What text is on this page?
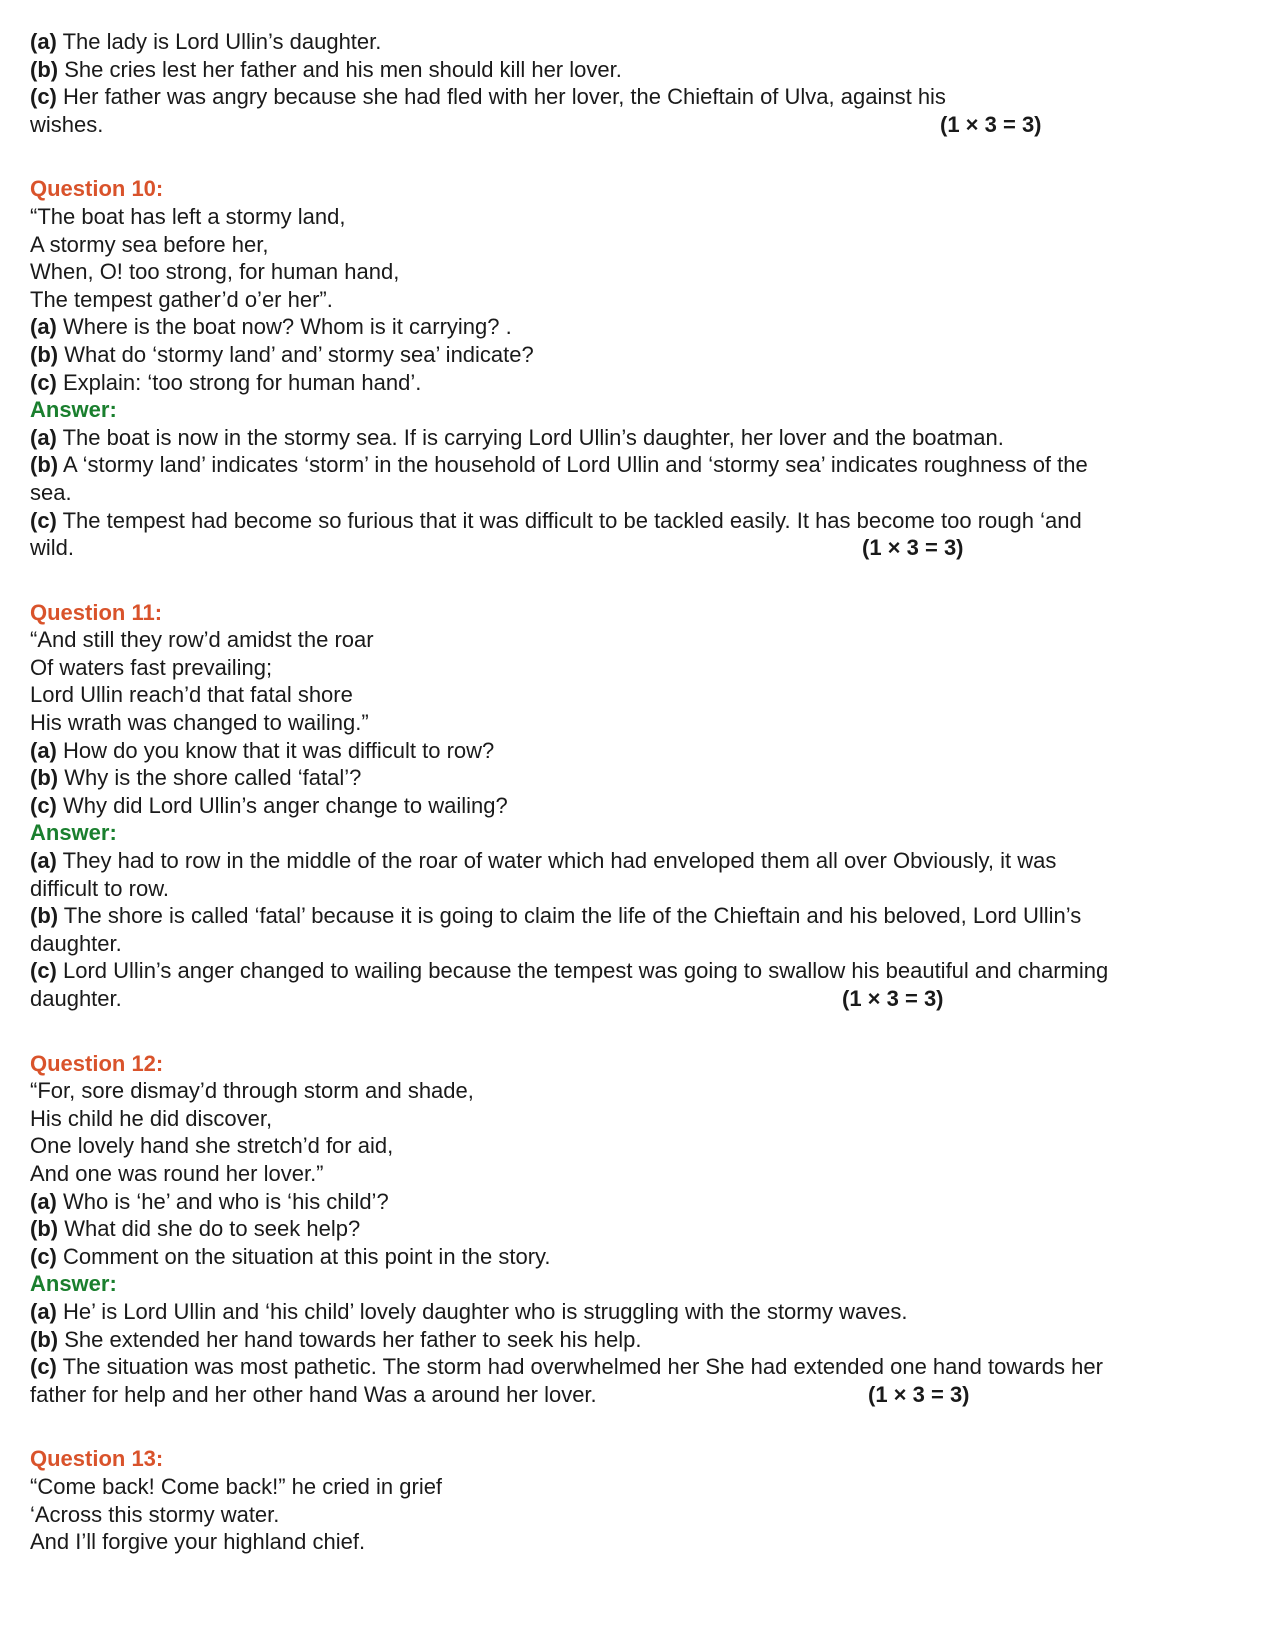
(a) The lady is Lord Ullin’s daughter.
(b) She cries lest her father and his men should kill her lover.
(c) Her father was angry because she had fled with her lover, the Chieftain of Ulva, against his
wishes.	(1 × 3 = 3)
Question 10:
“The boat has left a stormy land,
A stormy sea before her,
When, O! too strong, for human hand,
The tempest gather’d o’er her”.
(a) Where is the boat now? Whom is it carrying? .
(b) What do ‘stormy land’ and’ stormy sea’ indicate?
(c) Explain: ‘too strong for human hand’.
Answer:
(a) The boat is now in the stormy sea. If is carrying Lord Ullin’s daughter, her lover and the boatman.
(b) A ‘stormy land’ indicates ‘storm’ in the household of Lord Ullin and ‘stormy sea’ indicates roughness of the
sea.
(c) The tempest had become so furious that it was difficult to be tackled easily. It has become too rough ‘and
wild.	(1 × 3 = 3)
Question 11:
“And still they row’d amidst the roar
Of waters fast prevailing;
Lord Ullin reach’d that fatal shore
His wrath was changed to wailing.”
(a) How do you know that it was difficult to row?
(b) Why is the shore called ‘fatal’?
(c) Why did Lord Ullin’s anger change to wailing?
Answer:
(a) They had to row in the middle of the roar of water which had enveloped them all over Obviously, it was
difficult to row.
(b) The shore is called ‘fatal’ because it is going to claim the life of the Chieftain and his beloved, Lord Ullin’s
daughter.
(c) Lord Ullin’s anger changed to wailing because the tempest was going to swallow his beautiful and charming
daughter.	(1 × 3 = 3)
Question 12:
“For, sore dismay’d through storm and shade,
His child he did discover,
One lovely hand she stretch’d for aid,
And one was round her lover.”
(a) Who is ‘he’ and who is ‘his child’?
(b) What did she do to seek help?
(c) Comment on the situation at this point in the story.
Answer:
(a) He’ is Lord Ullin and ‘his child’ lovely daughter who is struggling with the stormy waves.
(b) She extended her hand towards her father to seek his help.
(c) The situation was most pathetic. The storm had overwhelmed her She had extended one hand towards her
father for help and her other hand Was a around her lover.	(1 × 3 = 3)
Question 13:
“Come back! Come back!” he cried in grief
‘Across this stormy water.
And I’ll forgive your highland chief.
